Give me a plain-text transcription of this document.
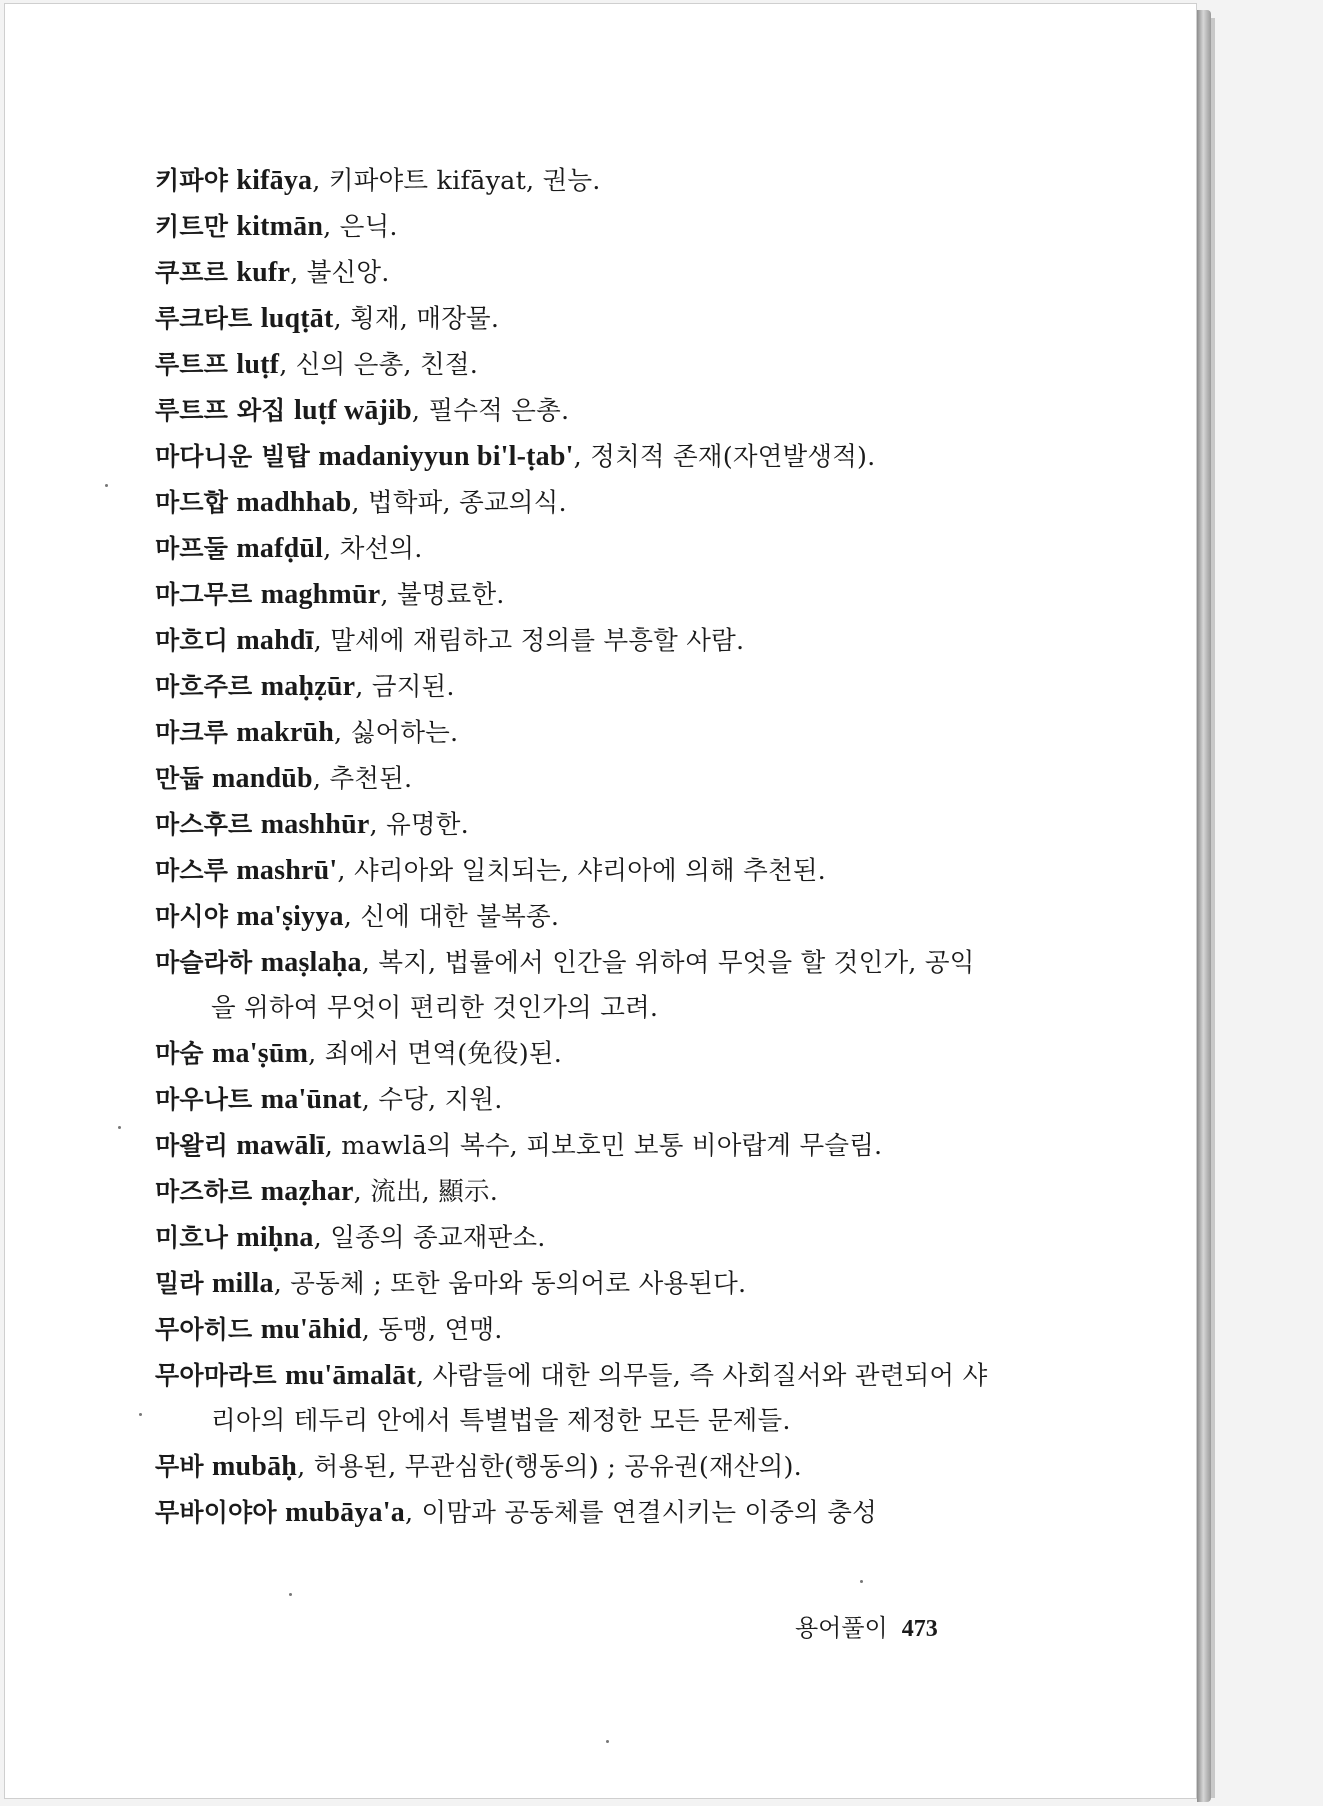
키파야 kifāya, 키파야트 kifāyat, 권능.
키트만 kitmān, 은닉.
쿠프르 kufr, 불신앙.
루크타트 luqṭāt, 횡재, 매장물.
루트프 luṭf, 신의 은총, 친절.
루트프 와집 luṭf wājib, 필수적 은총.
마다니운 빌탑 madaniyyun bi'l-ṭab', 정치적 존재(자연발생적).
마드합 madhhab, 법학파, 종교의식.
마프둘 mafḍūl, 차선의.
마그무르 maghmūr, 불명료한.
마흐디 mahdī, 말세에 재림하고 정의를 부흥할 사람.
마흐주르 maḥẓūr, 금지된.
마크루 makrūh, 싫어하는.
만둡 mandūb, 추천된.
마스후르 mashhūr, 유명한.
마스루 mashrū', 샤리아와 일치되는, 샤리아에 의해 추천된.
마시야 ma'ṣiyya, 신에 대한 불복종.
마슬라하 maṣlaḥa, 복지, 법률에서 인간을 위하여 무엇을 할 것인가, 공익을 위하여 무엇이 편리한 것인가의 고려.
마숨 ma'ṣūm, 죄에서 면역(免役)된.
마우나트 ma'ūnat, 수당, 지원.
마왈리 mawālī, mawlā의 복수, 피보호민 보통 비아랍계 무슬림.
마즈하르 maẓhar, 流出, 顯示.
미흐나 miḥna, 일종의 종교재판소.
밀라 milla, 공동체 ; 또한 움마와 동의어로 사용된다.
무아히드 mu'āhid, 동맹, 연맹.
무아마라트 mu'āmalāt, 사람들에 대한 의무들, 즉 사회질서와 관련되어 샤리아의 테두리 안에서 특별법을 제정한 모든 문제들.
무바 mubāḥ, 허용된, 무관심한(행동의) ; 공유권(재산의).
무바이야아 mubāya'a, 이맘과 공동체를 연결시키는 이중의 충성
용어풀이 473
